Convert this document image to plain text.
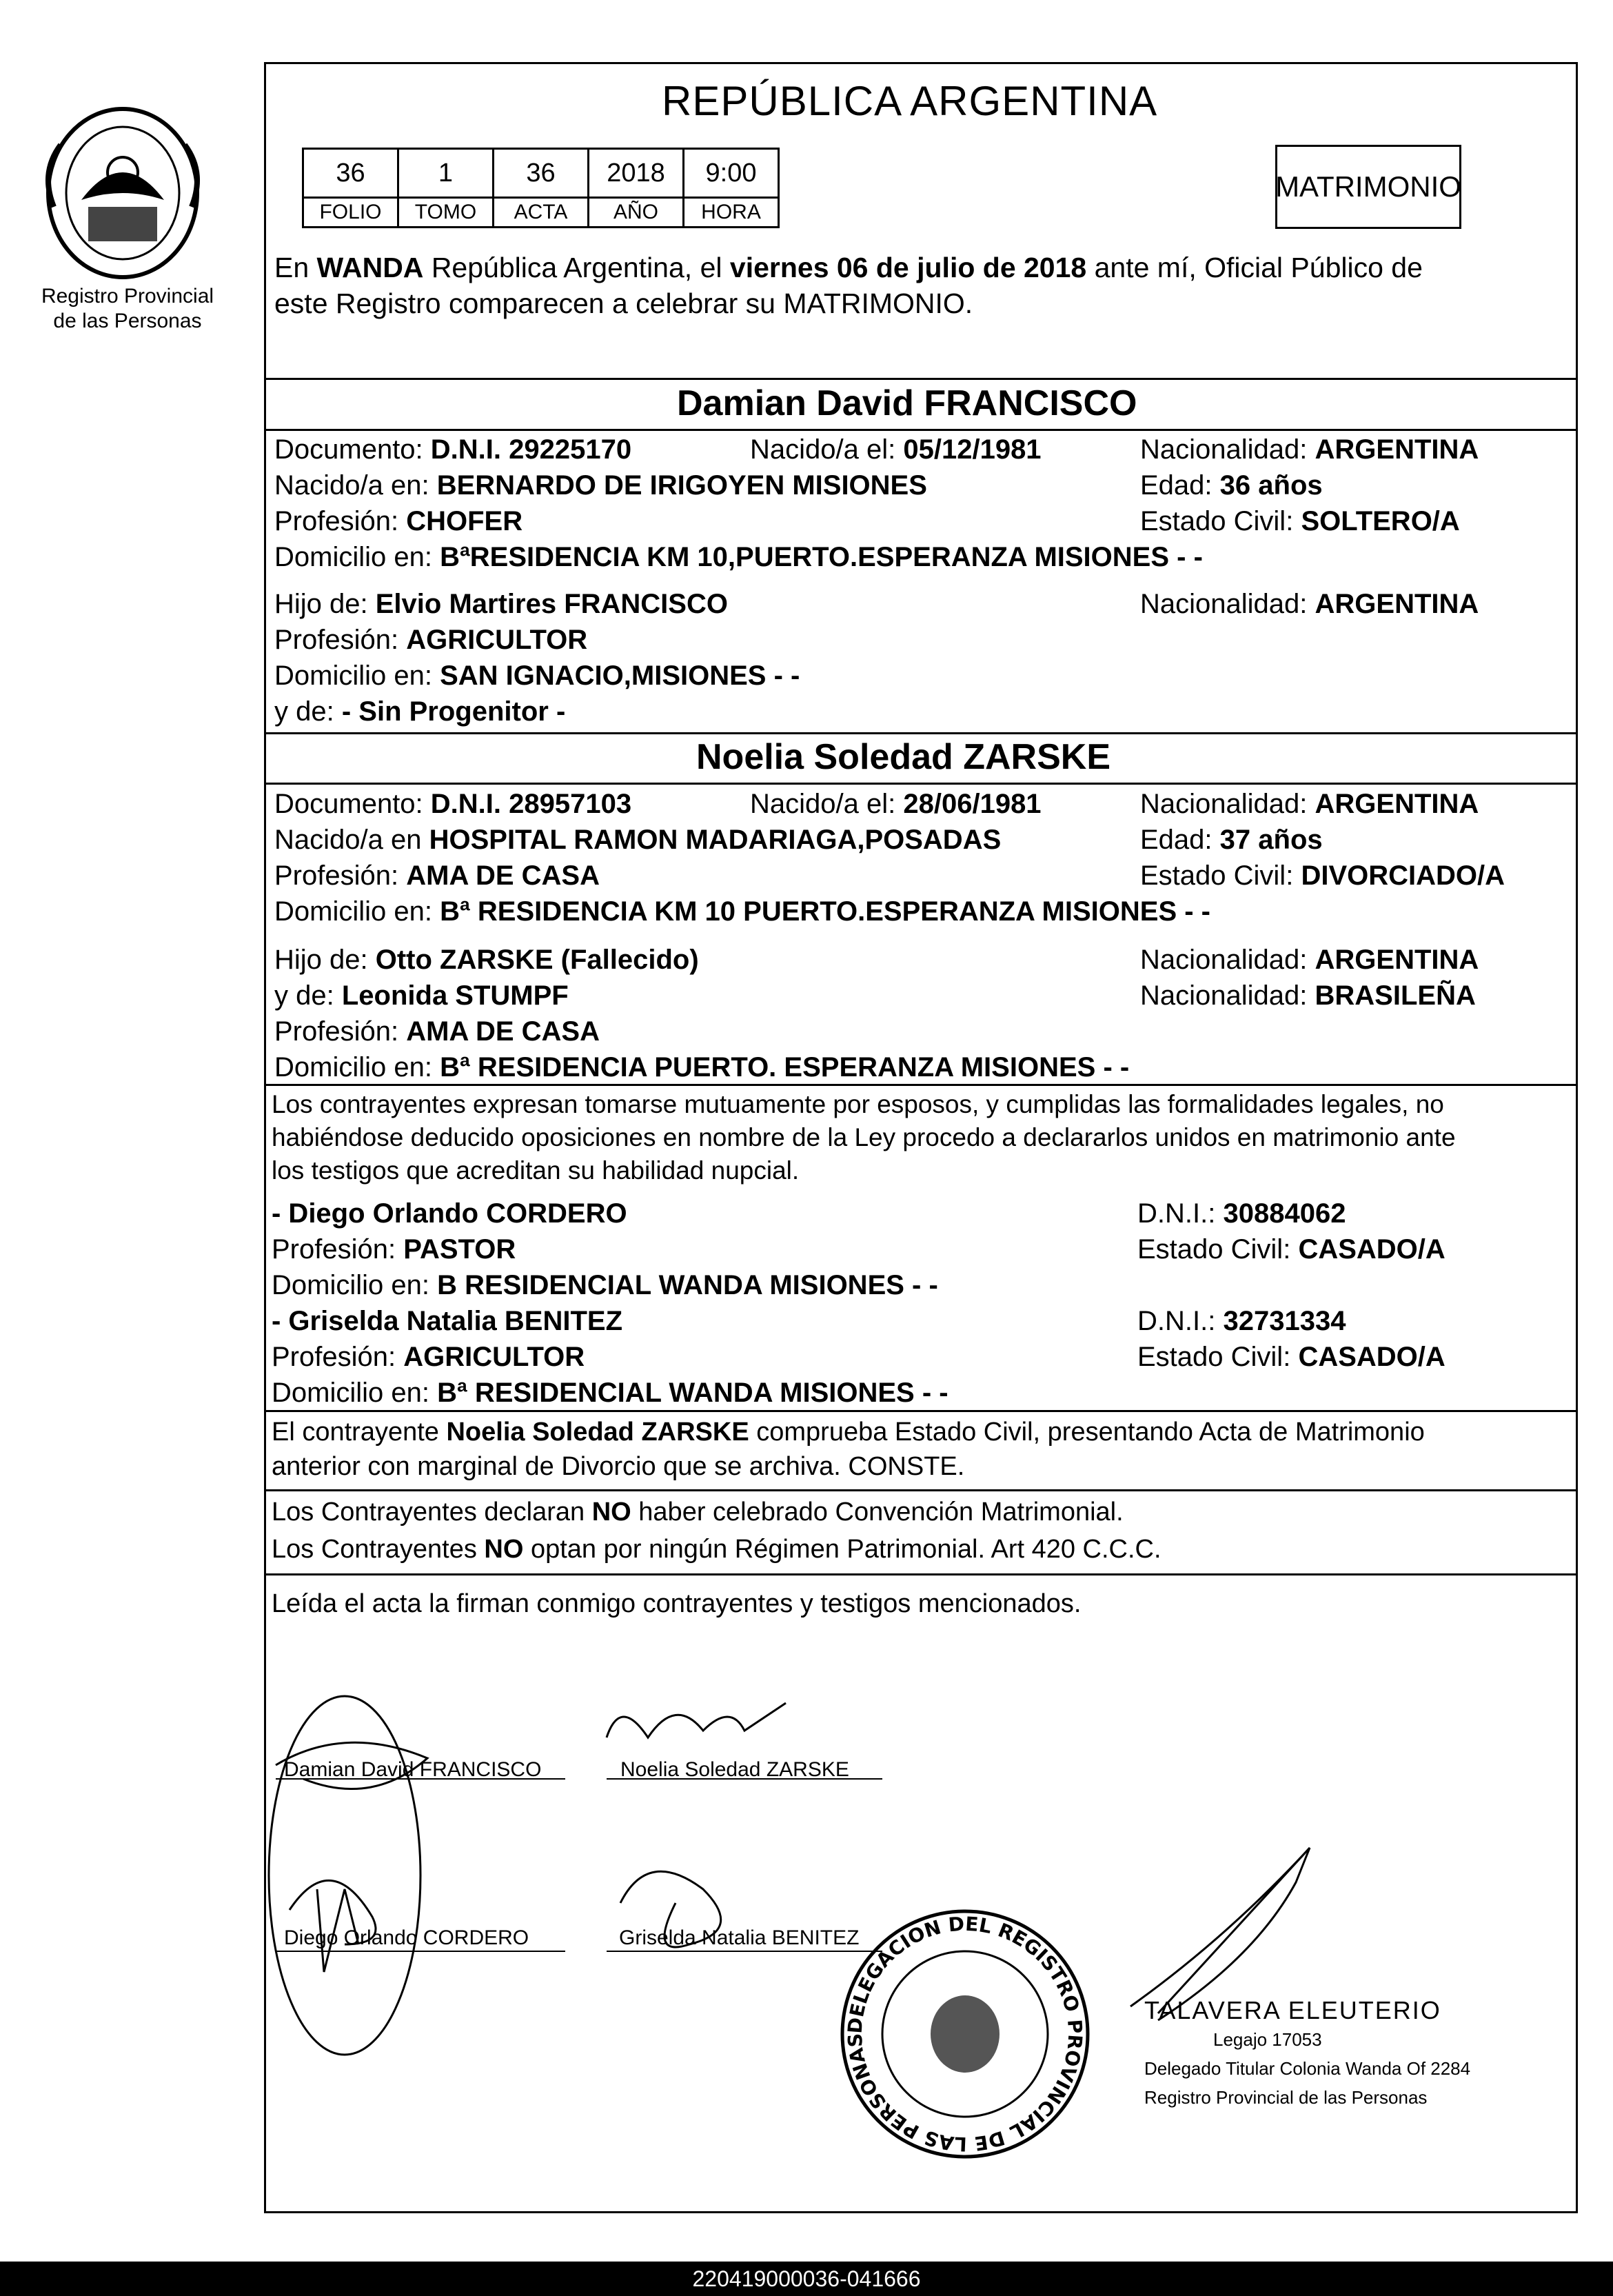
Registro Provincial
de las Personas
REPÚBLICA ARGENTINA
36	1	36	2018	9:00
FOLIO	TOMO	ACTA	AÑO	HORA
MATRIMONIO
En WANDA República Argentina, el viernes 06 de julio de 2018 ante mí, Oficial Público de
este Registro comparecen a celebrar su MATRIMONIO.
Damian David FRANCISCO
Documento: D.N.I. 29225170	Nacido/a el: 05/12/1981	Nacionalidad: ARGENTINA
Nacido/a en: BERNARDO DE IRIGOYEN MISIONES	Edad: 36 años
Profesión: CHOFER	Estado Civil: SOLTERO/A
Domicilio en: BªRESIDENCIA KM 10,PUERTO.ESPERANZA MISIONES - -
Hijo de: Elvio Martires FRANCISCO	Nacionalidad: ARGENTINA
Profesión: AGRICULTOR
Domicilio en: SAN IGNACIO,MISIONES - -
y de: - Sin Progenitor -
Noelia Soledad ZARSKE
Documento: D.N.I. 28957103	Nacido/a el: 28/06/1981	Nacionalidad: ARGENTINA
Nacido/a en HOSPITAL RAMON MADARIAGA,POSADAS	Edad: 37 años
Profesión: AMA DE CASA	Estado Civil: DIVORCIADO/A
Domicilio en: Bª RESIDENCIA KM 10 PUERTO.ESPERANZA MISIONES - -
Hijo de: Otto ZARSKE (Fallecido)	Nacionalidad: ARGENTINA
y de: Leonida STUMPF	Nacionalidad: BRASILEÑA
Profesión: AMA DE CASA
Domicilio en: Bª RESIDENCIA PUERTO. ESPERANZA MISIONES - -
Los contrayentes expresan tomarse mutuamente por esposos, y cumplidas las formalidades legales, no
habiéndose deducido oposiciones en nombre de la Ley procedo a declararlos unidos en matrimonio ante
los testigos que acreditan su habilidad nupcial.
- Diego Orlando CORDERO	D.N.I.: 30884062
Profesión: PASTOR	Estado Civil: CASADO/A
Domicilio en: B RESIDENCIAL WANDA MISIONES - -
- Griselda Natalia BENITEZ	D.N.I.: 32731334
Profesión: AGRICULTOR	Estado Civil: CASADO/A
Domicilio en: Bª RESIDENCIAL WANDA MISIONES - -
El contrayente Noelia Soledad ZARSKE comprueba Estado Civil, presentando Acta de Matrimonio
anterior con marginal de Divorcio que se archiva. CONSTE.
Los Contrayentes declaran NO haber celebrado Convención Matrimonial.
Los Contrayentes NO optan por ningún Régimen Patrimonial. Art 420 C.C.C.
Leída el acta la firman conmigo contrayentes y testigos mencionados.
Damian David FRANCISCO	Noelia Soledad ZARSKE
Diego Orlando CORDERO	Griselda Natalia BENITEZ
DELEGACION DEL REGISTRO PROVINCIAL DE LAS PERSONAS
TALAVERA ELEUTERIO
Legajo 17053
Delegado Titular Colonia Wanda Of 2284
Registro Provincial de las Personas
220419000036-041666
